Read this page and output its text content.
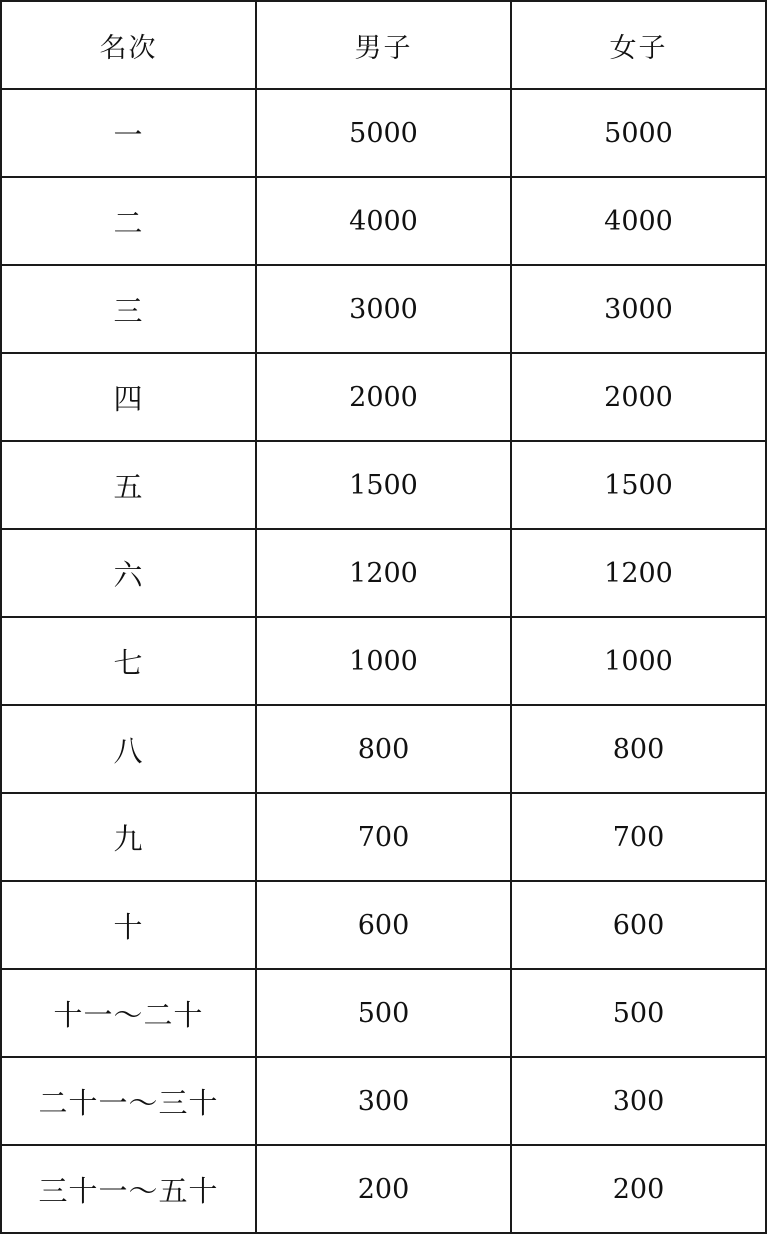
名次	男子	女子
一	5000	5000
二	4000	4000
三	3000	3000
四	2000	2000
五	1500	1500
六	1200	1200
七	1000	1000
八	800	800
九	700	700
十	600	600
十一～二十	500	500
二十一～三十	300	300
三十一～五十	200	200
